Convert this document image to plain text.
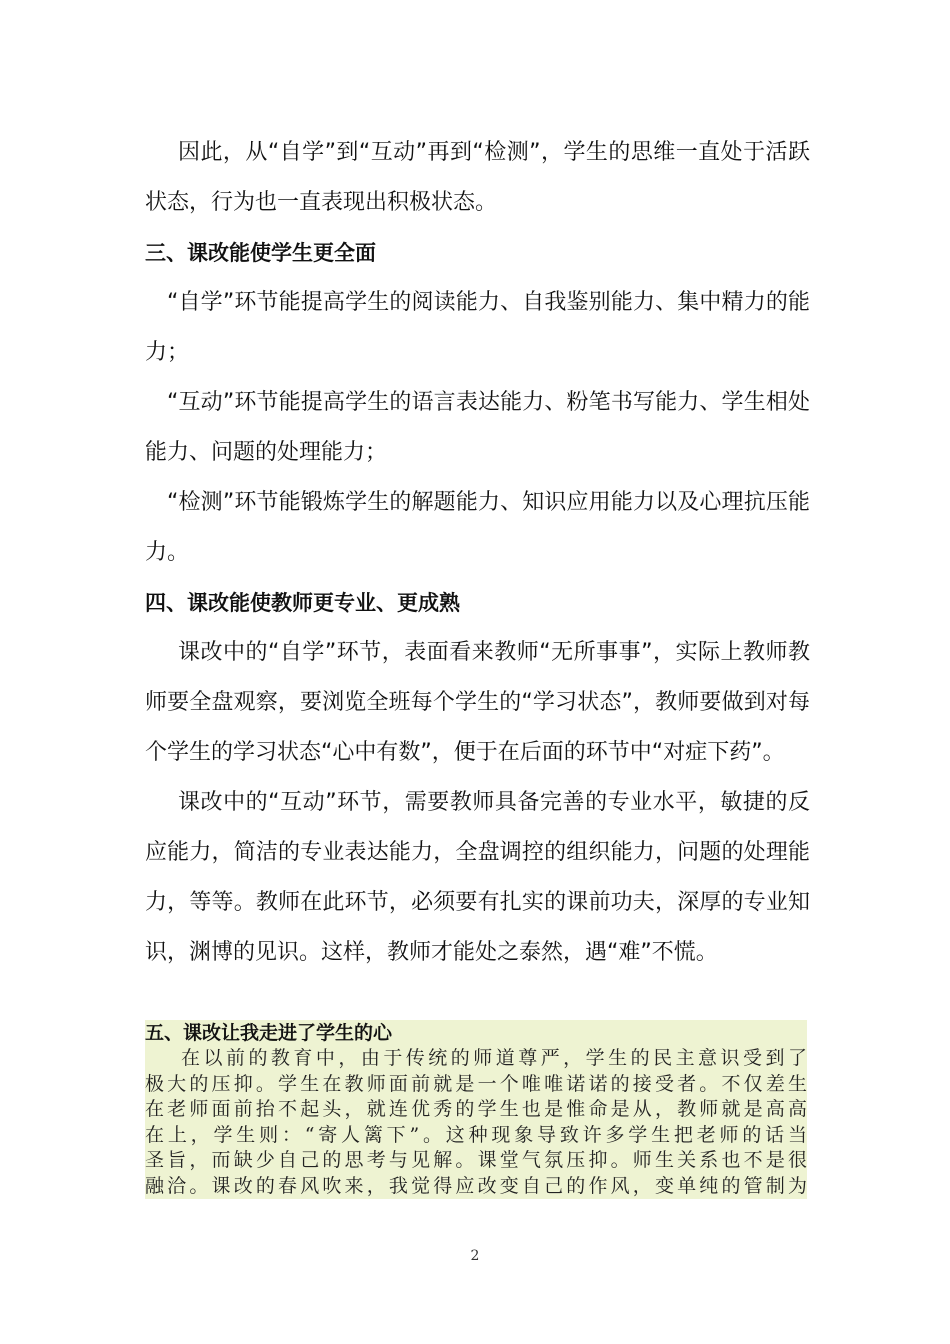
因此，从“自学”到“互动”再到“检测”，学生的思维一直处于活跃状态，行为也一直表现出积极状态。

三、课改能使学生更全面

“自学”环节能提高学生的阅读能力、自我鉴别能力、集中精力的能力；

“互动”环节能提高学生的语言表达能力、粉笔书写能力、学生相处能力、问题的处理能力；

“检测”环节能锻炼学生的解题能力、知识应用能力以及心理抗压能力。

四、课改能使教师更专业、更成熟

课改中的“自学”环节，表面看来教师“无所事事”，实际上教师教师要全盘观察，要浏览全班每个学生的“学习状态”，教师要做到对每个学生的学习状态“心中有数”，便于在后面的环节中“对症下药”。

课改中的“互动”环节，需要教师具备完善的专业水平，敏捷的反应能力，简洁的专业表达能力，全盘调控的组织能力，问题的处理能力，等等。教师在此环节，必须要有扎实的课前功夫，深厚的专业知识，渊博的见识。这样，教师才能处之泰然，遇“难”不慌。

五、课改让我走进了学生的心

在以前的教育中，由于传统的师道尊严，学生的民主意识受到了

极大的压抑。学生在教师面前就是一个唯唯诺诺的接受者。不仅差生

在老师面前抬不起头，就连优秀的学生也是惟命是从，教师就是高高

在上，学生则：“寄人篱下”。这种现象导致许多学生把老师的话当

圣旨，而缺少自己的思考与见解。课堂气氛压抑。师生关系也不是很

融洽。课改的春风吹来，我觉得应改变自己的作风，变单纯的管制为

2
